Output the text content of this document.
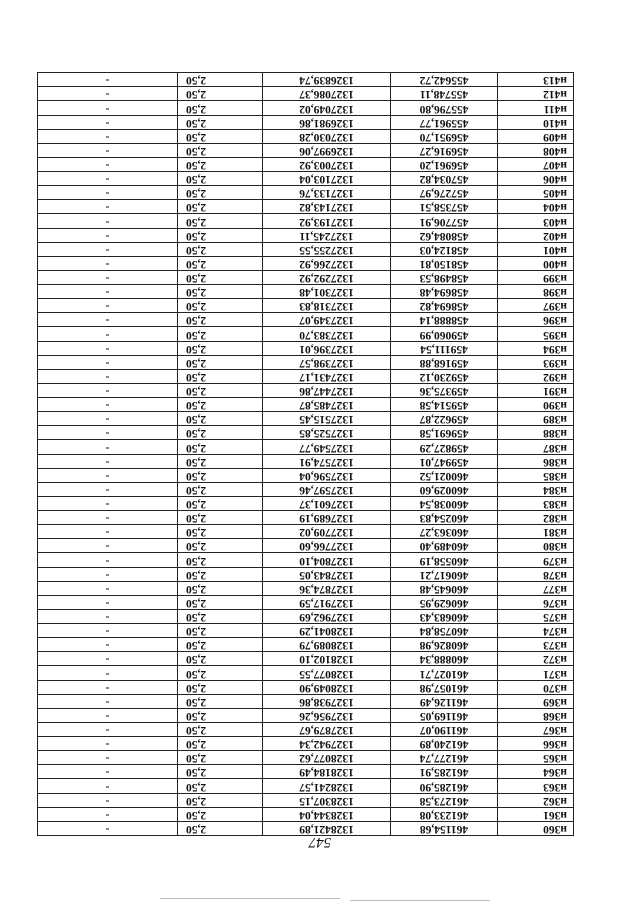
547
н360	461154,68	1328421,89	2,50	-
н361	461233,08	1328344,04	2,50	-
н362	461273,58	1328307,15	2,50	-
н363	461285,90	1328241,57	2,50	-
н364	461285,91	1328184,49	2,50	-
н365	461277,74	1328077,62	2,50	-
н366	461240,89	1327942,34	2,50	-
н367	461190,07	1327879,67	2,50	-
н368	461169,05	1327956,26	2,50	-
н369	461126,49	1327938,86	2,50	-
н370	461057,98	1328049,90	2,50	-
н371	461027,71	1328077,55	2,50	-
н372	460888,34	1328102,10	2,50	-
н373	460826,98	1328089,79	2,50	-
н374	460758,84	1328041,29	2,50	-
н375	460683,43	1327962,69	2,50	-
н376	460629,95	1327917,59	2,50	-
н377	460645,48	1327874,36	2,50	-
н378	460617,21	1327843,05	2,50	-
н379	460558,19	1327804,10	2,50	-
н380	460489,40	1327766,60	2,50	-
н381	460363,27	1327709,02	2,50	-
н382	460254,83	1327689,19	2,50	-
н383	460038,54	1327601,37	2,50	-
н384	460029,60	1327597,46	2,50	-
н385	460021,52	1327596,04	2,50	-
н386	459947,01	1327574,91	2,50	-
н387	459827,29	1327549,77	2,50	-
н388	459691,58	1327525,85	2,50	-
н389	459622,87	1327515,45	2,50	-
н390	459514,58	1327485,87	2,50	-
н391	459375,36	1327447,86	2,50	-
н392	459230,12	1327431,17	2,50	-
н393	459168,88	1327398,57	2,50	-
н394	459111,54	1327396,01	2,50	-
н395	459060,99	1327383,70	2,50	-
н396	458888,14	1327349,07	2,50	-
н397	458694,82	1327318,83	2,50	-
н398	458694,48	1327301,48	2,50	-
н399	458498,53	1327292,92	2,50	-
н400	458150,81	1327266,92	2,50	-
н401	458124,03	1327255,55	2,50	-
н402	458084,62	1327245,11	2,50	-
н403	457706,91	1327193,92	2,50	-
н404	457358,51	1327143,82	2,50	-
н405	457276,97	1327133,76	2,50	-
н406	457034,82	1327103,04	2,50	-
н407	456961,20	1327003,92	2,50	-
н408	456916,27	1326997,06	2,50	-
н409	456951,70	1327030,28	2,50	-
н410	455961,77	1326981,86	2,50	-
н411	455796,80	1327049,02	2,50	-
н412	455748,11	1327086,37	2,50	-
н413	455642,72	1326839,74	2,50	-
